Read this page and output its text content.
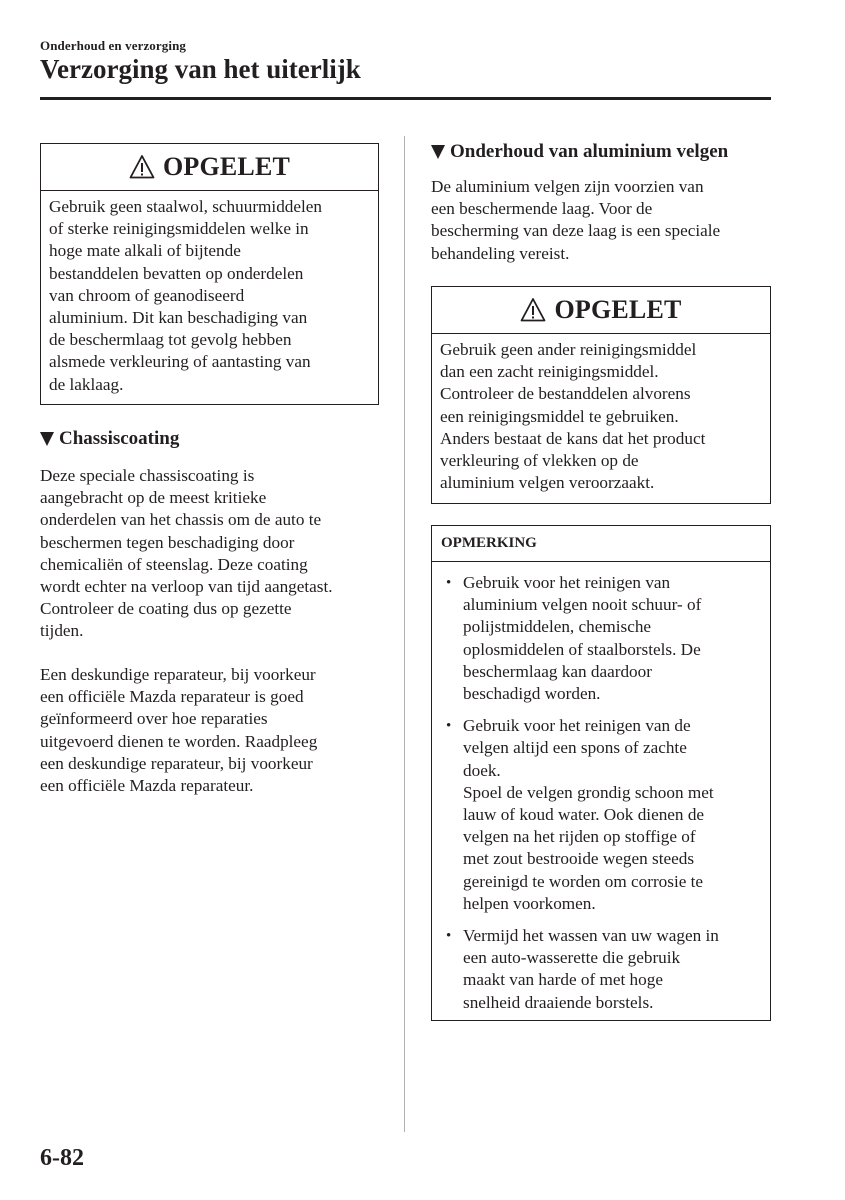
Onderhoud en verzorging
Verzorging van het uiterlijk
OPGELET
Gebruik geen staalwol, schuurmiddelen
of sterke reinigingsmiddelen welke in
hoge mate alkali of bijtende
bestanddelen bevatten op onderdelen
van chroom of geanodiseerd
aluminium. Dit kan beschadiging van
de beschermlaag tot gevolg hebben
alsmede verkleuring of aantasting van
de laklaag.
Chassiscoating
Deze speciale chassiscoating is
aangebracht op de meest kritieke
onderdelen van het chassis om de auto te
beschermen tegen beschadiging door
chemicaliën of steenslag. Deze coating
wordt echter na verloop van tijd aangetast.
Controleer de coating dus op gezette
tijden.
Een deskundige reparateur, bij voorkeur
een officiële Mazda reparateur is goed
geïnformeerd over hoe reparaties
uitgevoerd dienen te worden. Raadpleeg
een deskundige reparateur, bij voorkeur
een officiële Mazda reparateur.
Onderhoud van aluminium velgen
De aluminium velgen zijn voorzien van
een beschermende laag. Voor de
bescherming van deze laag is een speciale
behandeling vereist.
OPGELET
Gebruik geen ander reinigingsmiddel
dan een zacht reinigingsmiddel.
Controleer de bestanddelen alvorens
een reinigingsmiddel te gebruiken.
Anders bestaat de kans dat het product
verkleuring of vlekken op de
aluminium velgen veroorzaakt.
OPMERKING
• Gebruik voor het reinigen van
aluminium velgen nooit schuur- of
polijstmiddelen, chemische
oplosmiddelen of staalborstels. De
beschermlaag kan daardoor
beschadigd worden.
• Gebruik voor het reinigen van de
velgen altijd een spons of zachte
doek.
Spoel de velgen grondig schoon met
lauw of koud water. Ook dienen de
velgen na het rijden op stoffige of
met zout bestrooide wegen steeds
gereinigd te worden om corrosie te
helpen voorkomen.
• Vermijd het wassen van uw wagen in
een auto-wasserette die gebruik
maakt van harde of met hoge
snelheid draaiende borstels.
6-82
